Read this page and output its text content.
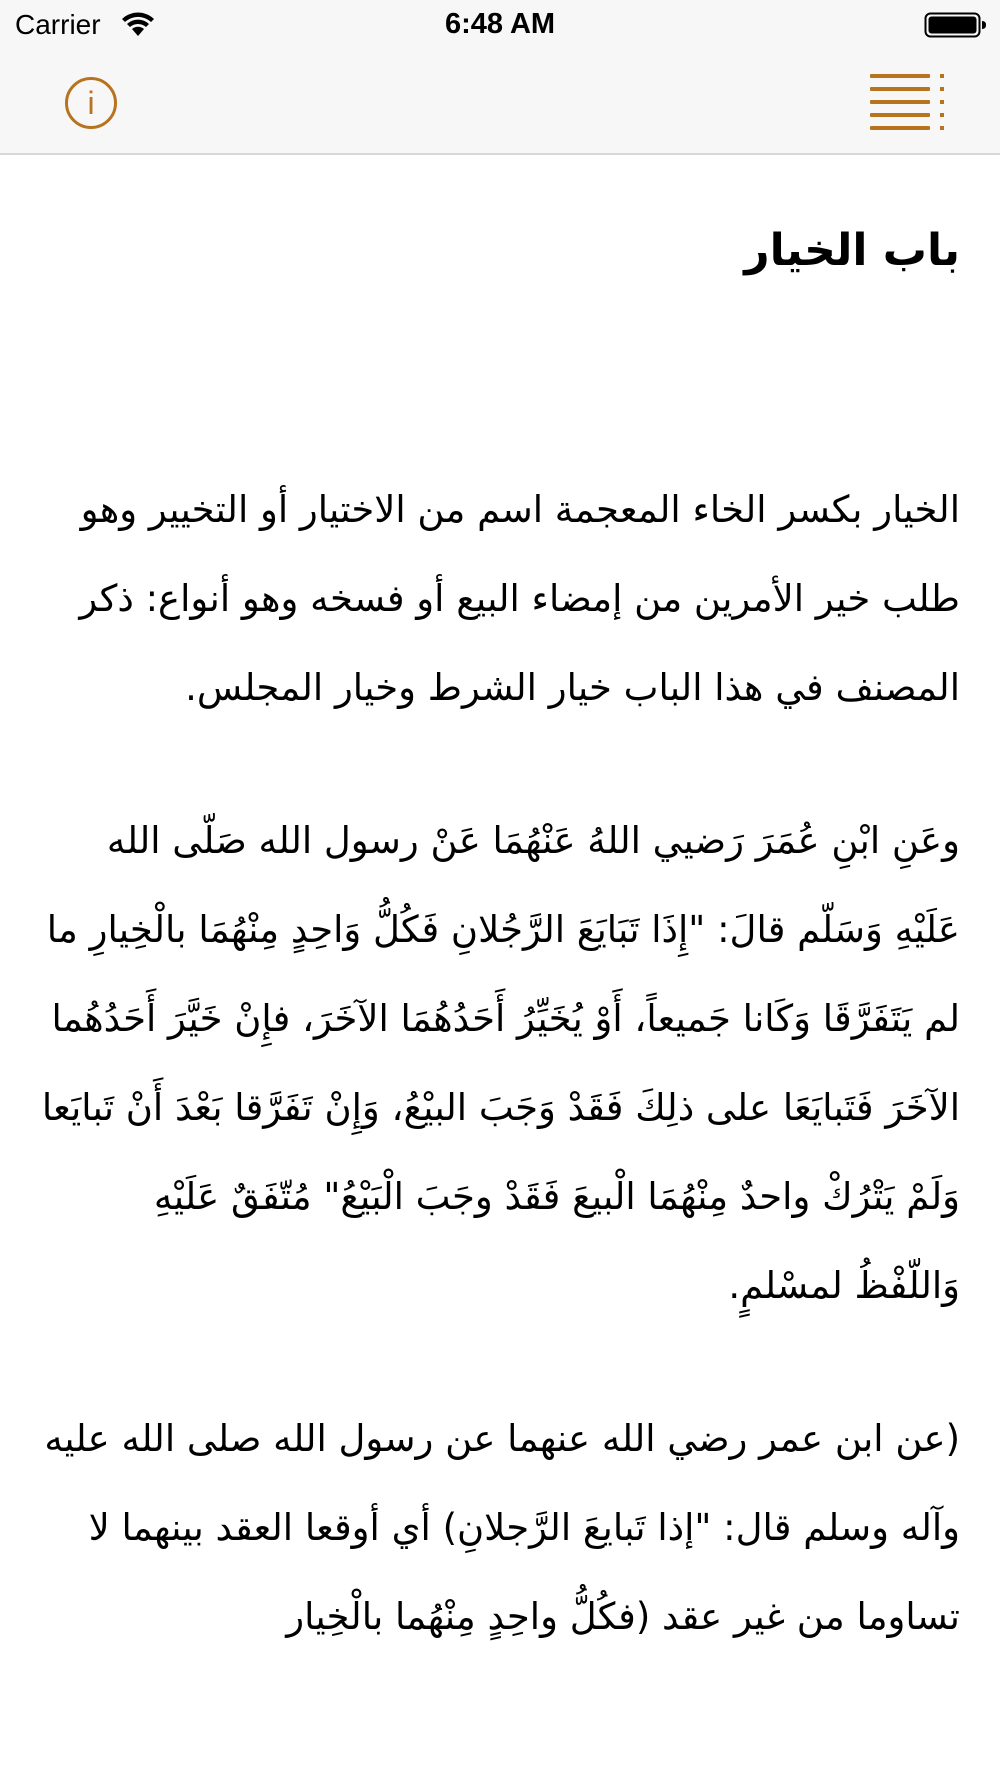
Carrier	6:48 AM
i
باب الخيار

الخيار بكسر الخاء المعجمة اسم من الاختيار أو التخيير وهو طلب خير الأمرين من إمضاء البيع أو فسخه وهو أنواع: ذكر المصنف في هذا الباب خيار الشرط وخيار المجلس.

وعَنِ ابْنِ عُمَرَ رَضيي اللهُ عَنْهُمَا عَنْ رسول الله صَلّى الله عَلَيْهِ وَسَلّم قالَ: "إِذَا تَبَايَعَ الرَّجُلانِ فَكُلُّ وَاحِدٍ مِنْهُمَا بالْخِيارِ ما لم يَتَفَرَّقَا وَكَانا جَميعاً، أَوْ يُخَيِّرُ أَحَدُهُمَا الآخَرَ، فإِنْ خَيَّرَ أَحَدُهُما الآخَرَ فَتَبايَعَا على ذلِكَ فَقَدْ وَجَبَ البيْعُ، وَإِنْ تَفَرَّقا بَعْدَ أَنْ تَبايَعا وَلَمْ يَتْرُكْ واحدٌ مِنْهُمَا الْبيعَ فَقَدْ وجَبَ الْبَيْعُ" مُتّفَقٌ عَلَيْهِ وَاللّفْظُ لمسْلمٍ.

(عن ابن عمر رضي الله عنهما عن رسول الله صلى الله عليه وآله وسلم قال: "إذا تَبايعَ الرَّجلانِ) أي أوقعا العقد بينهما لا تساوما من غير عقد (فكُلُّ واحِدٍ مِنْهُما بالْخِيار
